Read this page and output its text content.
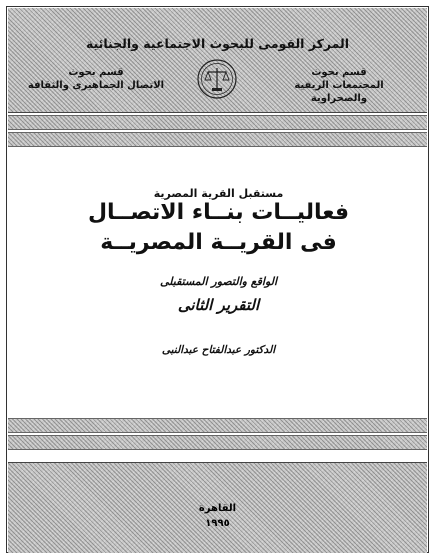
المركز القومى للبحوث الاجتماعية والجنائية
قسم بحوث
المجتمعات الريفية والصحراوية
قسم بحوث
الاتصال الجماهيرى والثقافة
مستقبل القرية المصرية
فعاليــات بنــاء الاتصــال
فى القريــة المصريــة
الواقع والتصور المستقبلى
التقرير الثانى
الدكتور عبدالفتاح عبدالنبى
القاهرة
١٩٩٥
